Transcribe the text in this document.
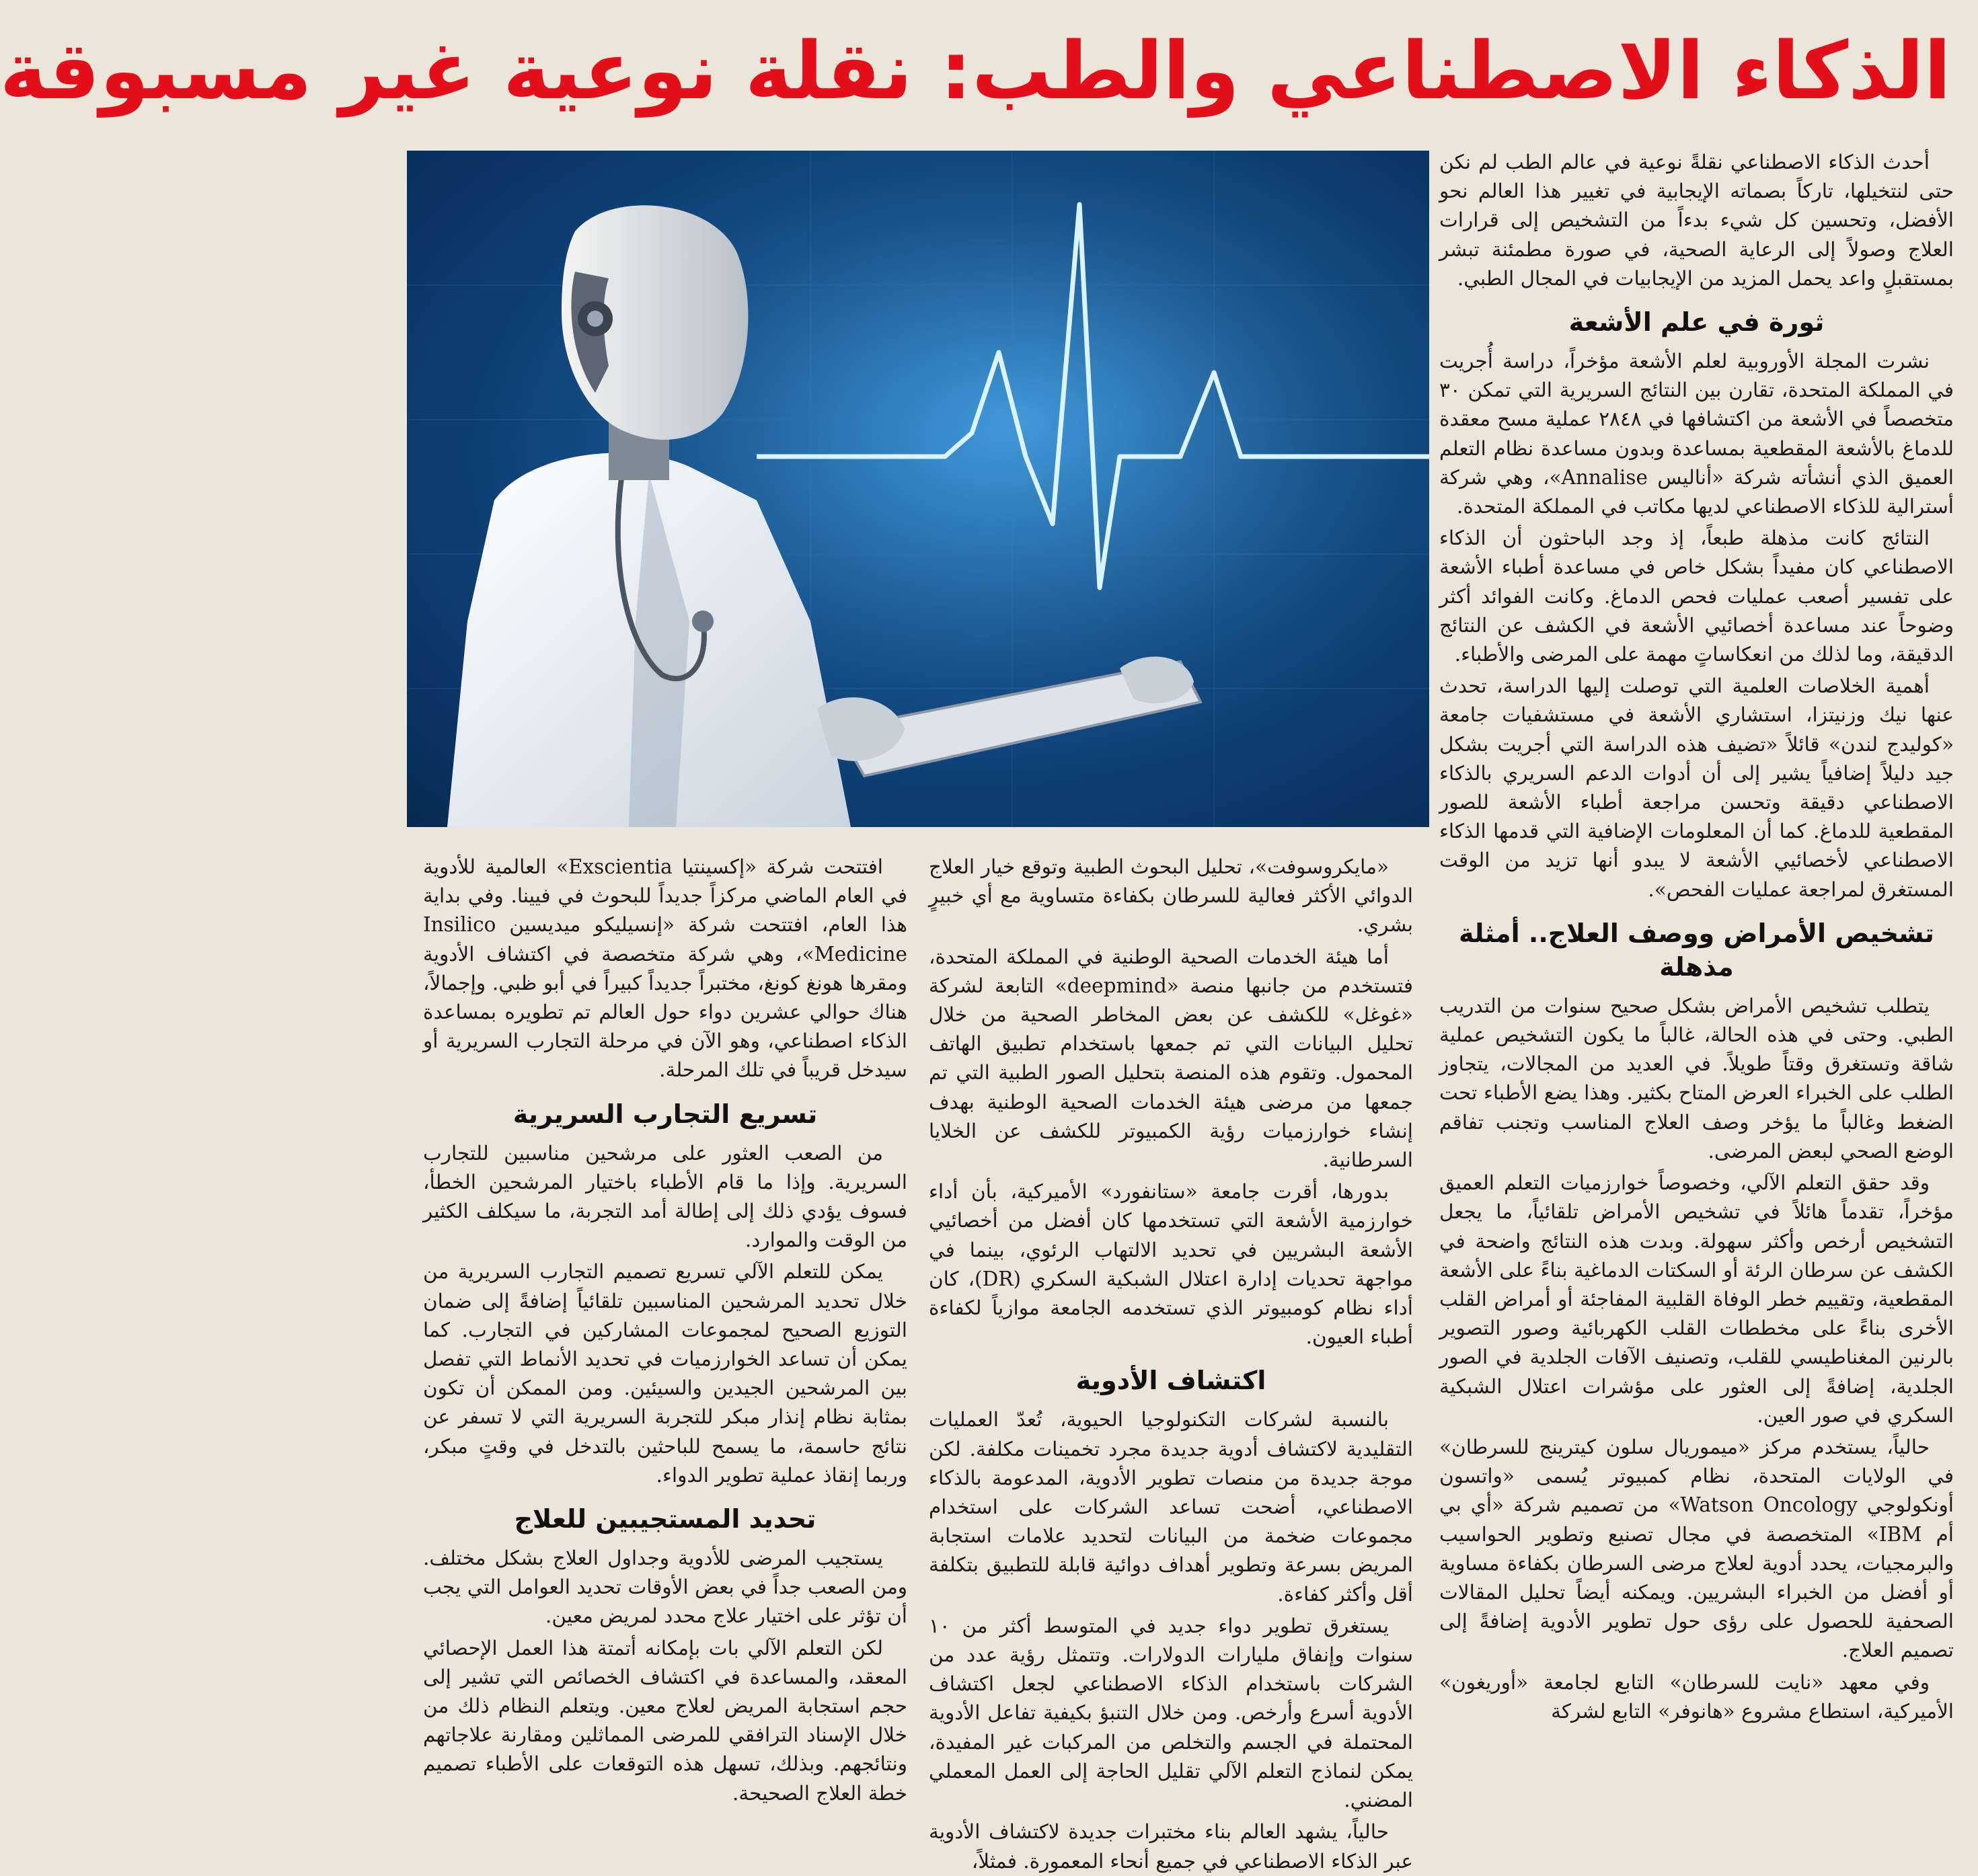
الذكاء الاصطناعي والطب: نقلة نوعية غير مسبوقة

أحدث الذكاء الاصطناعي نقلةً نوعية في عالم الطب لم نكن حتى لنتخيلها، تاركاً بصماته الإيجابية في تغيير هذا العالم نحو الأفضل، وتحسين كل شيء بدءاً من التشخيص إلى قرارات العلاج وصولاً إلى الرعاية الصحية، في صورة مطمئنة تبشر بمستقبلٍ واعد يحمل المزيد من الإيجابيات في المجال الطبي.

ثورة في علم الأشعة

نشرت المجلة الأوروبية لعلم الأشعة مؤخراً، دراسة أُجريت في المملكة المتحدة، تقارن بين النتائج السريرية التي تمكن ٣٠ متخصصاً في الأشعة من اكتشافها في ٢٨٤٨ عملية مسح معقدة للدماغ بالأشعة المقطعية بمساعدة وبدون مساعدة نظام التعلم العميق الذي أنشأته شركة «أناليس Annalise»، وهي شركة أسترالية للذكاء الاصطناعي لديها مكاتب في المملكة المتحدة.

النتائج كانت مذهلة طبعاً، إذ وجد الباحثون أن الذكاء الاصطناعي كان مفيداً بشكل خاص في مساعدة أطباء الأشعة على تفسير أصعب عمليات فحص الدماغ. وكانت الفوائد أكثر وضوحاً عند مساعدة أخصائيي الأشعة في الكشف عن النتائج الدقيقة، وما لذلك من انعكاساتٍ مهمة على المرضى والأطباء.

أهمية الخلاصات العلمية التي توصلت إليها الدراسة، تحدث عنها نيك وزنيتزا، استشاري الأشعة في مستشفيات جامعة «كوليدج لندن» قائلاً «تضيف هذه الدراسة التي أجريت بشكل جيد دليلاً إضافياً يشير إلى أن أدوات الدعم السريري بالذكاء الاصطناعي دقيقة وتحسن مراجعة أطباء الأشعة للصور المقطعية للدماغ. كما أن المعلومات الإضافية التي قدمها الذكاء الاصطناعي لأخصائيي الأشعة لا يبدو أنها تزيد من الوقت المستغرق لمراجعة عمليات الفحص».

تشخيص الأمراض ووصف العلاج.. أمثلة مذهلة

يتطلب تشخيص الأمراض بشكل صحيح سنوات من التدريب الطبي. وحتى في هذه الحالة، غالباً ما يكون التشخيص عملية شاقة وتستغرق وقتاً طويلاً. في العديد من المجالات، يتجاوز الطلب على الخبراء العرض المتاح بكثير. وهذا يضع الأطباء تحت الضغط وغالباً ما يؤخر وصف العلاج المناسب وتجنب تفاقم الوضع الصحي لبعض المرضى.

وقد حقق التعلم الآلي، وخصوصاً خوارزميات التعلم العميق مؤخراً، تقدماً هائلاً في تشخيص الأمراض تلقائياً، ما يجعل التشخيص أرخص وأكثر سهولة. وبدت هذه النتائج واضحة في الكشف عن سرطان الرئة أو السكتات الدماغية بناءً على الأشعة المقطعية، وتقييم خطر الوفاة القلبية المفاجئة أو أمراض القلب الأخرى بناءً على مخططات القلب الكهربائية وصور التصوير بالرنين المغناطيسي للقلب، وتصنيف الآفات الجلدية في الصور الجلدية، إضافةً إلى العثور على مؤشرات اعتلال الشبكية السكري في صور العين.

حالياً، يستخدم مركز «ميموريال سلون كيترينج للسرطان» في الولايات المتحدة، نظام كمبيوتر يُسمى «واتسون أونكولوجي Watson Oncology» من تصميم شركة «أي بي أم IBM» المتخصصة في مجال تصنيع وتطوير الحواسيب والبرمجيات، يحدد أدوية لعلاج مرضى السرطان بكفاءة مساوية أو أفضل من الخبراء البشريين. ويمكنه أيضاً تحليل المقالات الصحفية للحصول على رؤى حول تطوير الأدوية إضافةً إلى تصميم العلاج.

وفي معهد «نايت للسرطان» التابع لجامعة «أوريغون» الأميركية، استطاع مشروع «هانوفر» التابع لشركة

«مايكروسوفت»، تحليل البحوث الطبية وتوقع خيار العلاج الدوائي الأكثر فعالية للسرطان بكفاءة متساوية مع أي خبيرٍ بشري.

أما هيئة الخدمات الصحية الوطنية في المملكة المتحدة، فتستخدم من جانبها منصة «deepmind» التابعة لشركة «غوغل» للكشف عن بعض المخاطر الصحية من خلال تحليل البيانات التي تم جمعها باستخدام تطبيق الهاتف المحمول. وتقوم هذه المنصة بتحليل الصور الطبية التي تم جمعها من مرضى هيئة الخدمات الصحية الوطنية بهدف إنشاء خوارزميات رؤية الكمبيوتر للكشف عن الخلايا السرطانية.

بدورها، أقرت جامعة «ستانفورد» الأميركية، بأن أداء خوارزمية الأشعة التي تستخدمها كان أفضل من أخصائيي الأشعة البشريين في تحديد الالتهاب الرئوي، بينما في مواجهة تحديات إدارة اعتلال الشبكية السكري (DR)، كان أداء نظام كومبيوتر الذي تستخدمه الجامعة موازياً لكفاءة أطباء العيون.

اكتشاف الأدوية

بالنسبة لشركات التكنولوجيا الحيوية، تُعدّ العمليات التقليدية لاكتشاف أدوية جديدة مجرد تخمينات مكلفة. لكن موجة جديدة من منصات تطوير الأدوية، المدعومة بالذكاء الاصطناعي، أضحت تساعد الشركات على استخدام مجموعات ضخمة من البيانات لتحديد علامات استجابة المريض بسرعة وتطوير أهداف دوائية قابلة للتطبيق بتكلفة أقل وأكثر كفاءة.

يستغرق تطوير دواء جديد في المتوسط أكثر من ١٠ سنوات وإنفاق مليارات الدولارات. وتتمثل رؤية عدد من الشركات باستخدام الذكاء الاصطناعي لجعل اكتشاف الأدوية أسرع وأرخص. ومن خلال التنبؤ بكيفية تفاعل الأدوية المحتملة في الجسم والتخلص من المركبات غير المفيدة، يمكن لنماذج التعلم الآلي تقليل الحاجة إلى العمل المعملي المضني.

حالياً، يشهد العالم بناء مختبرات جديدة لاكتشاف الأدوية عبر الذكاء الاصطناعي في جميع أنحاء المعمورة. فمثلاً،

افتتحت شركة «إكسينتيا Exscientia» العالمية للأدوية في العام الماضي مركزاً جديداً للبحوث في فيينا. وفي بداية هذا العام، افتتحت شركة «إنسيليكو ميديسين Insilico Medicine»، وهي شركة متخصصة في اكتشاف الأدوية ومقرها هونغ كونغ، مختبراً جديداً كبيراً في أبو ظبي. وإجمالاً، هناك حوالي عشرين دواء حول العالم تم تطويره بمساعدة الذكاء اصطناعي، وهو الآن في مرحلة التجارب السريرية أو سيدخل قريباً في تلك المرحلة.

تسريع التجارب السريرية

من الصعب العثور على مرشحين مناسبين للتجارب السريرية. وإذا ما قام الأطباء باختيار المرشحين الخطأ، فسوف يؤدي ذلك إلى إطالة أمد التجربة، ما سيكلف الكثير من الوقت والموارد.

يمكن للتعلم الآلي تسريع تصميم التجارب السريرية من خلال تحديد المرشحين المناسبين تلقائياً إضافةً إلى ضمان التوزيع الصحيح لمجموعات المشاركين في التجارب. كما يمكن أن تساعد الخوارزميات في تحديد الأنماط التي تفصل بين المرشحين الجيدين والسيئين. ومن الممكن أن تكون بمثابة نظام إنذار مبكر للتجربة السريرية التي لا تسفر عن نتائج حاسمة، ما يسمح للباحثين بالتدخل في وقتٍ مبكر، وربما إنقاذ عملية تطوير الدواء.

تحديد المستجيبين للعلاج

يستجيب المرضى للأدوية وجداول العلاج بشكل مختلف. ومن الصعب جداً في بعض الأوقات تحديد العوامل التي يجب أن تؤثر على اختيار علاج محدد لمريض معين.

لكن التعلم الآلي بات بإمكانه أتمتة هذا العمل الإحصائي المعقد، والمساعدة في اكتشاف الخصائص التي تشير إلى حجم استجابة المريض لعلاج معين. ويتعلم النظام ذلك من خلال الإسناد الترافقي للمرضى المماثلين ومقارنة علاجاتهم ونتائجهم. وبذلك، تسهل هذه التوقعات على الأطباء تصميم خطة العلاج الصحيحة.
